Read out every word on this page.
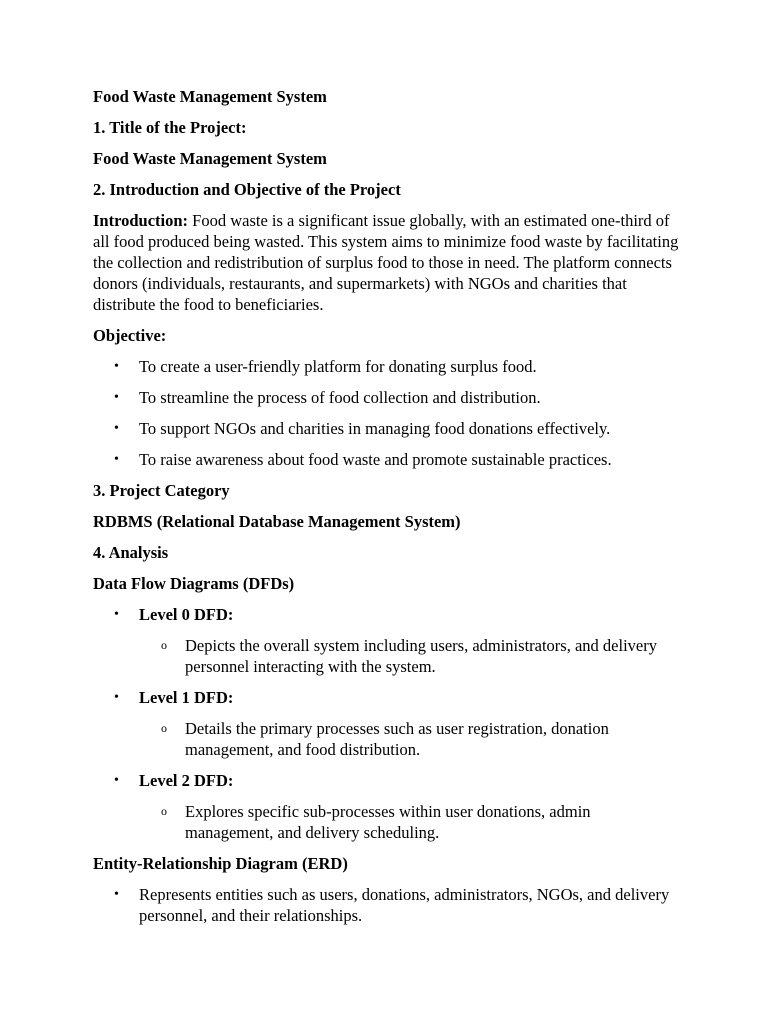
Food Waste Management System

1. Title of the Project:

Food Waste Management System

2. Introduction and Objective of the Project

Introduction: Food waste is a significant issue globally, with an estimated one-third of all food produced being wasted. This system aims to minimize food waste by facilitating the collection and redistribution of surplus food to those in need. The platform connects donors (individuals, restaurants, and supermarkets) with NGOs and charities that distribute the food to beneficiaries.

Objective:

• To create a user-friendly platform for donating surplus food.
• To streamline the process of food collection and distribution.
• To support NGOs and charities in managing food donations effectively.
• To raise awareness about food waste and promote sustainable practices.

3. Project Category

RDBMS (Relational Database Management System)

4. Analysis

Data Flow Diagrams (DFDs)

• Level 0 DFD:
o Depicts the overall system including users, administrators, and delivery personnel interacting with the system.
• Level 1 DFD:
o Details the primary processes such as user registration, donation management, and food distribution.
• Level 2 DFD:
o Explores specific sub-processes within user donations, admin management, and delivery scheduling.

Entity-Relationship Diagram (ERD)

• Represents entities such as users, donations, administrators, NGOs, and delivery personnel, and their relationships.
